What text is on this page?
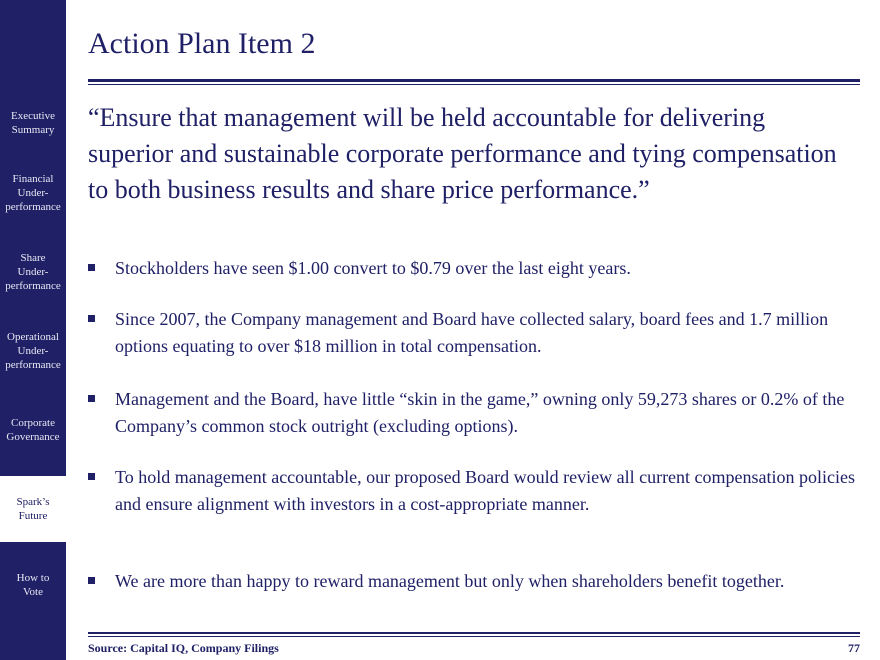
Executive
Summary
Financial
Under-
performance
Share
Under-
performance
Operational
Under-
performance
Corporate
Governance
Spark’s
Future
How to
Vote
Action Plan Item 2

“Ensure that management will be held accountable for delivering superior and sustainable corporate performance and tying compensation to both business results and share price performance.”

Stockholders have seen $1.00 convert to $0.79 over the last eight years.
Since 2007, the Company management and Board have collected salary, board fees and 1.7 million options equating to over $18 million in total compensation.
Management and the Board, have little “skin in the game,” owning only 59,273 shares or 0.2% of the Company’s common stock outright (excluding options).
To hold management accountable, our proposed Board would review all current compensation policies and ensure alignment with investors in a cost-appropriate manner.
We are more than happy to reward management but only when shareholders benefit together.
Source: Capital IQ, Company Filings	77
